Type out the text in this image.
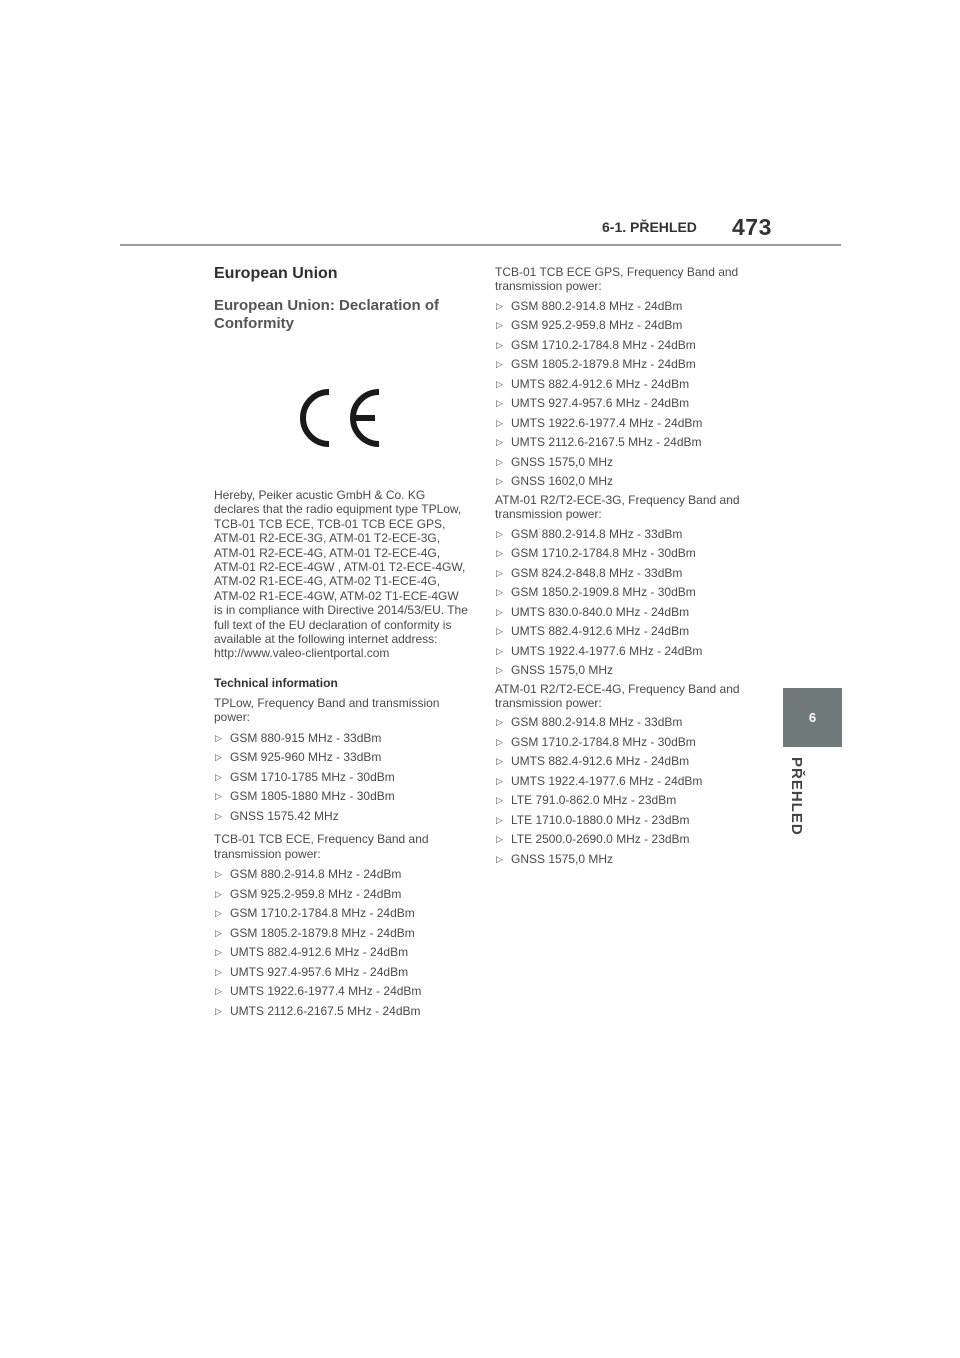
6-1. PŘEHLED 473
6
PŘEHLED
European Union
European Union: Declaration of Conformity
Hereby, Peiker acustic GmbH & Co. KG declares that the radio equipment type TPLow, TCB-01 TCB ECE, TCB-01 TCB ECE GPS, ATM-01 R2-ECE-3G, ATM-01 T2-ECE-3G, ATM-01 R2-ECE-4G, ATM-01 T2-ECE-4G, ATM-01 R2-ECE-4GW , ATM-01 T2-ECE-4GW, ATM-02 R1-ECE-4G, ATM-02 T1-ECE-4G, ATM-02 R1-ECE-4GW, ATM-02 T1-ECE-4GW is in compliance with Directive 2014/53/EU. The full text of the EU declaration of conformity is available at the following internet address: http://www.valeo-clientportal.com
Technical information
TPLow, Frequency Band and transmission power:
▷ GSM 880-915 MHz - 33dBm
▷ GSM 925-960 MHz - 33dBm
▷ GSM 1710-1785 MHz - 30dBm
▷ GSM 1805-1880 MHz - 30dBm
▷ GNSS 1575.42 MHz
TCB-01 TCB ECE, Frequency Band and transmission power:
▷ GSM 880.2-914.8 MHz - 24dBm
▷ GSM 925.2-959.8 MHz - 24dBm
▷ GSM 1710.2-1784.8 MHz - 24dBm
▷ GSM 1805.2-1879.8 MHz - 24dBm
▷ UMTS 882.4-912.6 MHz - 24dBm
▷ UMTS 927.4-957.6 MHz - 24dBm
▷ UMTS 1922.6-1977.4 MHz - 24dBm
▷ UMTS 2112.6-2167.5 MHz - 24dBm
TCB-01 TCB ECE GPS, Frequency Band and transmission power:
▷ GSM 880.2-914.8 MHz - 24dBm
▷ GSM 925.2-959.8 MHz - 24dBm
▷ GSM 1710.2-1784.8 MHz - 24dBm
▷ GSM 1805.2-1879.8 MHz - 24dBm
▷ UMTS 882.4-912.6 MHz - 24dBm
▷ UMTS 927.4-957.6 MHz - 24dBm
▷ UMTS 1922.6-1977.4 MHz - 24dBm
▷ UMTS 2112.6-2167.5 MHz - 24dBm
▷ GNSS 1575,0 MHz
▷ GNSS 1602,0 MHz
ATM-01 R2/T2-ECE-3G, Frequency Band and transmission power:
▷ GSM 880.2-914.8 MHz - 33dBm
▷ GSM 1710.2-1784.8 MHz - 30dBm
▷ GSM 824.2-848.8 MHz - 33dBm
▷ GSM 1850.2-1909.8 MHz - 30dBm
▷ UMTS 830.0-840.0 MHz - 24dBm
▷ UMTS 882.4-912.6 MHz - 24dBm
▷ UMTS 1922.4-1977.6 MHz - 24dBm
▷ GNSS 1575,0 MHz
ATM-01 R2/T2-ECE-4G, Frequency Band and transmission power:
▷ GSM 880.2-914.8 MHz - 33dBm
▷ GSM 1710.2-1784.8 MHz - 30dBm
▷ UMTS 882.4-912.6 MHz - 24dBm
▷ UMTS 1922.4-1977.6 MHz - 24dBm
▷ LTE 791.0-862.0 MHz - 23dBm
▷ LTE 1710.0-1880.0 MHz - 23dBm
▷ LTE 2500.0-2690.0 MHz - 23dBm
▷ GNSS 1575,0 MHz
